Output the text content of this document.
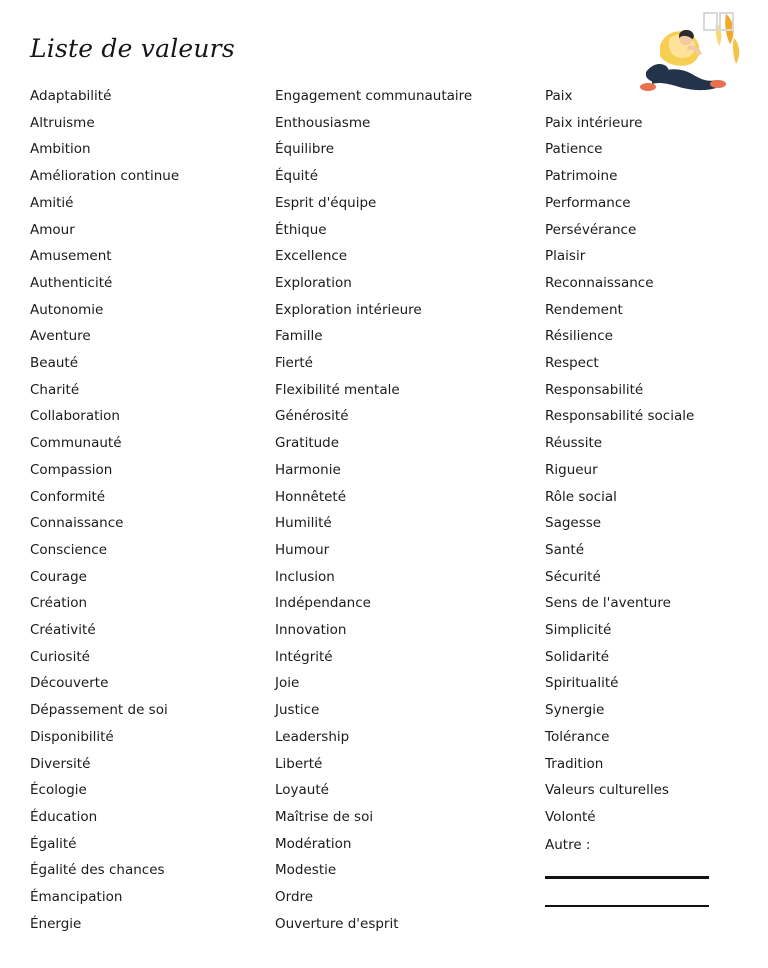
Liste de valeurs
Adaptabilité
Altruisme
Ambition
Amélioration continue
Amitié
Amour
Amusement
Authenticité
Autonomie
Aventure
Beauté
Charité
Collaboration
Communauté
Compassion
Conformité
Connaissance
Conscience
Courage
Création
Créativité
Curiosité
Découverte
Dépassement de soi
Disponibilité
Diversité
Écologie
Éducation
Égalité
Égalité des chances
Émancipation
Énergie
Engagement communautaire
Enthousiasme
Équilibre
Équité
Esprit d'équipe
Éthique
Excellence
Exploration
Exploration intérieure
Famille
Fierté
Flexibilité mentale
Générosité
Gratitude
Harmonie
Honnêteté
Humilité
Humour
Inclusion
Indépendance
Innovation
Intégrité
Joie
Justice
Leadership
Liberté
Loyauté
Maîtrise de soi
Modération
Modestie
Ordre
Ouverture d'esprit
Paix
Paix intérieure
Patience
Patrimoine
Performance
Persévérance
Plaisir
Reconnaissance
Rendement
Résilience
Respect
Responsabilité
Responsabilité sociale
Réussite
Rigueur
Rôle social
Sagesse
Santé
Sécurité
Sens de l'aventure
Simplicité
Solidarité
Spiritualité
Synergie
Tolérance
Tradition
Valeurs culturelles
Volonté
Autre :
